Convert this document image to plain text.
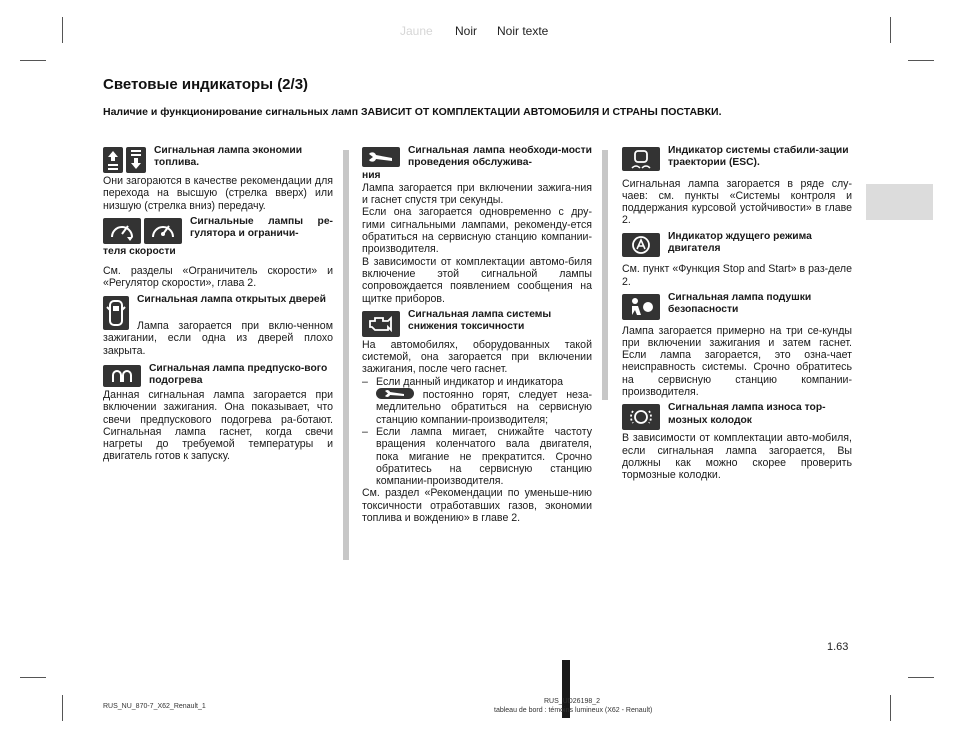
Jaune Noir Noir texte
Световые индикаторы (2/3)
Наличие и функционирование сигнальных ламп ЗАВИСИТ ОТ КОМПЛЕКТАЦИИ АВТОМОБИЛЯ И СТРАНЫ ПОСТАВКИ.
Сигнальная лампа экономии топлива.

Они загораются в качестве рекомендации для перехода на высшую (стрелка вверх) или низшую (стрелка вниз) передачу.

Сигнальные лампы ре-гулятора и ограничи-
теля скорости

См. разделы «Ограничитель скорости» и «Регулятор скорости», глава 2.

Сигнальная лампа открытых дверей

Лампа загорается при вклю-ченном зажигании, если одна из дверей плохо закрыта.

Сигнальная лампа предпуско-вого подогрева

Данная сигнальная лампа загорается при включении зажигания. Она показывает, что свечи предпускового подогрева ра-ботают. Сигнальная лампа гаснет, когда свечи нагреты до требуемой температуры и двигатель готов к запуску.

Сигнальная лампа необходи-мости проведения обслужива-
ния

Лампа загорается при включении зажига-ния и гаснет спустя три секунды.

Если она загорается одновременно с дру-гими сигнальными лампами, рекоменду-ется обратиться на сервисную станцию компании-производителя.

В зависимости от комплектации автомо-биля включение этой сигнальной лампы сопровождается появлением сообщения на щитке приборов.

Сигнальная лампа системы снижения токсичности

На автомобилях, оборудованных такой системой, она загорается при включении зажигания, после чего гаснет.

– Если данный индикатор и индикатора

постоянно горят, следует неза-медлительно обратиться на сервисную станцию компании-производителя;
– Если лампа мигает, снижайте частоту вращения коленчатого вала двигателя, пока мигание не прекратится. Срочно обратитесь на сервисную станцию компании-производителя.

См. раздел «Рекомендации по уменьше-нию токсичности отработавших газов, экономии топлива и вождению» в главе 2.

Индикатор системы стабили-зации траектории (ESC).

Сигнальная лампа загорается в ряде слу-чаев: см. пункты «Системы контроля и поддержания курсовой устойчивости» в главе 2.

Индикатор ждущего режима двигателя

См. пункт «Функция Stop and Start» в раз-деле 2.

Сигнальная лампа подушки безопасности

Лампа загорается примерно на три се-кунды при включении зажигания и затем гаснет. Если лампа загорается, это озна-чает неисправность системы. Срочно обратитесь на сервисную станцию компании-производителя.

Сигнальная лампа износа тор-мозных колодок

В зависимости от комплектации авто-мобиля, если сигнальная лампа загорается, Вы должны как можно скорее проверить тормозные колодки.

1.63
RUS_NU_870-7_X62_Renault_1
RUS_UD26198_2
tableau de bord : témoins lumineux (X62 - Renault)
